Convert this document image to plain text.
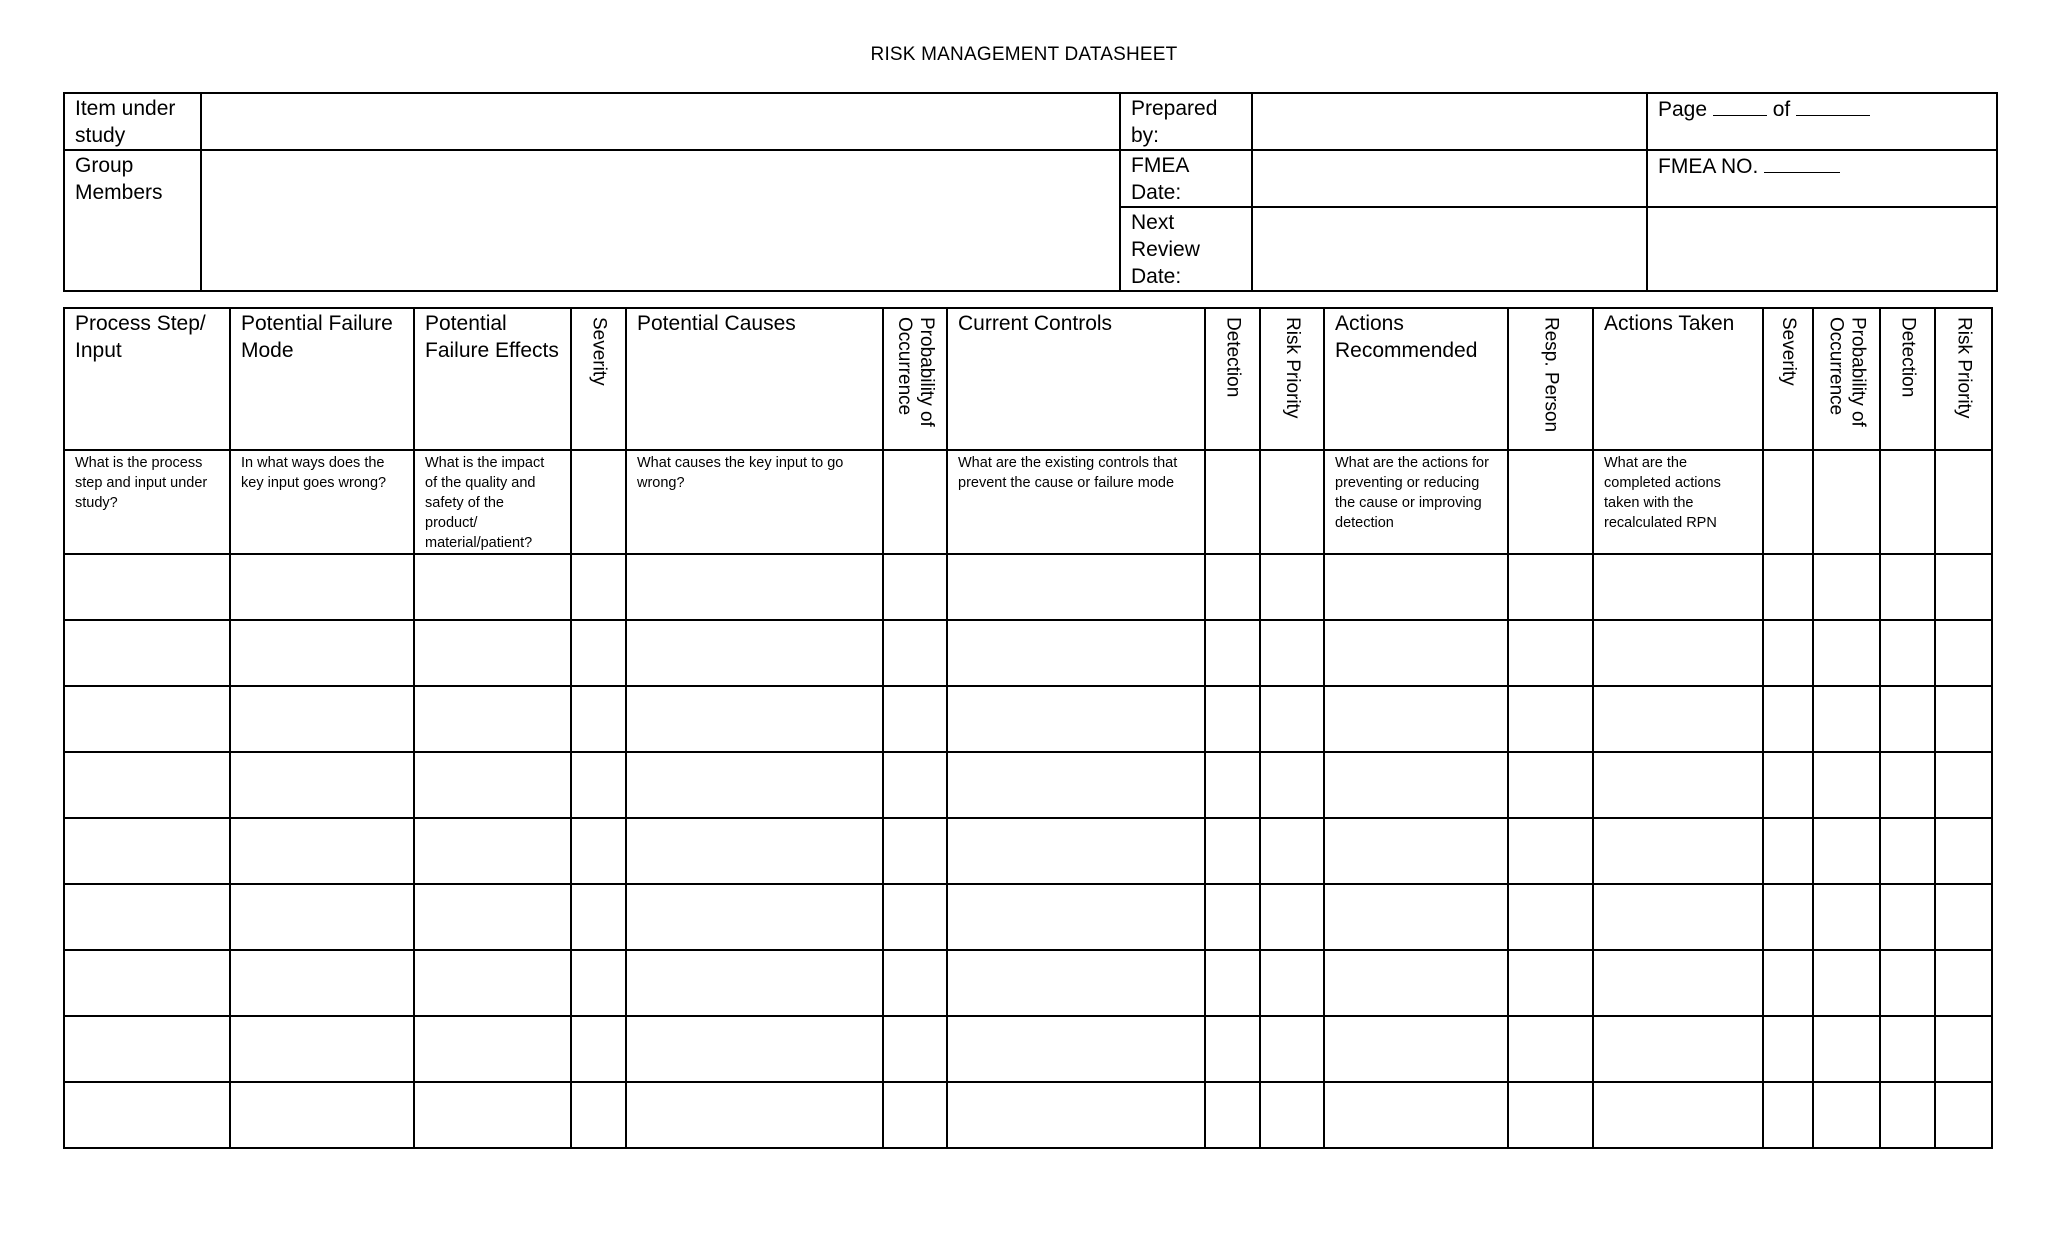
RISK MANAGEMENT DATASHEET
Item under study		Prepared by:		Page of
Group Members		FMEA Date:		FMEA NO.
		Next Review Date:		
Process Step/ Input	Potential Failure Mode	Potential Failure Effects	Severity	Potential Causes	Probability of Occurrence	Current Controls	Detection	Risk Priority	Actions Recommended	Resp. Person	Actions Taken	Severity	Probability of Occurrence	Detection	Risk Priority

What is the process step and input under study?	In what ways does the key input goes wrong?	What is the impact of the quality and safety of the product/ material/patient?		What causes the key input to go wrong?		What are the existing controls that prevent the cause or failure mode			What are the actions for preventing or reducing the cause or improving detection		What are the completed actions taken with the recalculated RPN				
